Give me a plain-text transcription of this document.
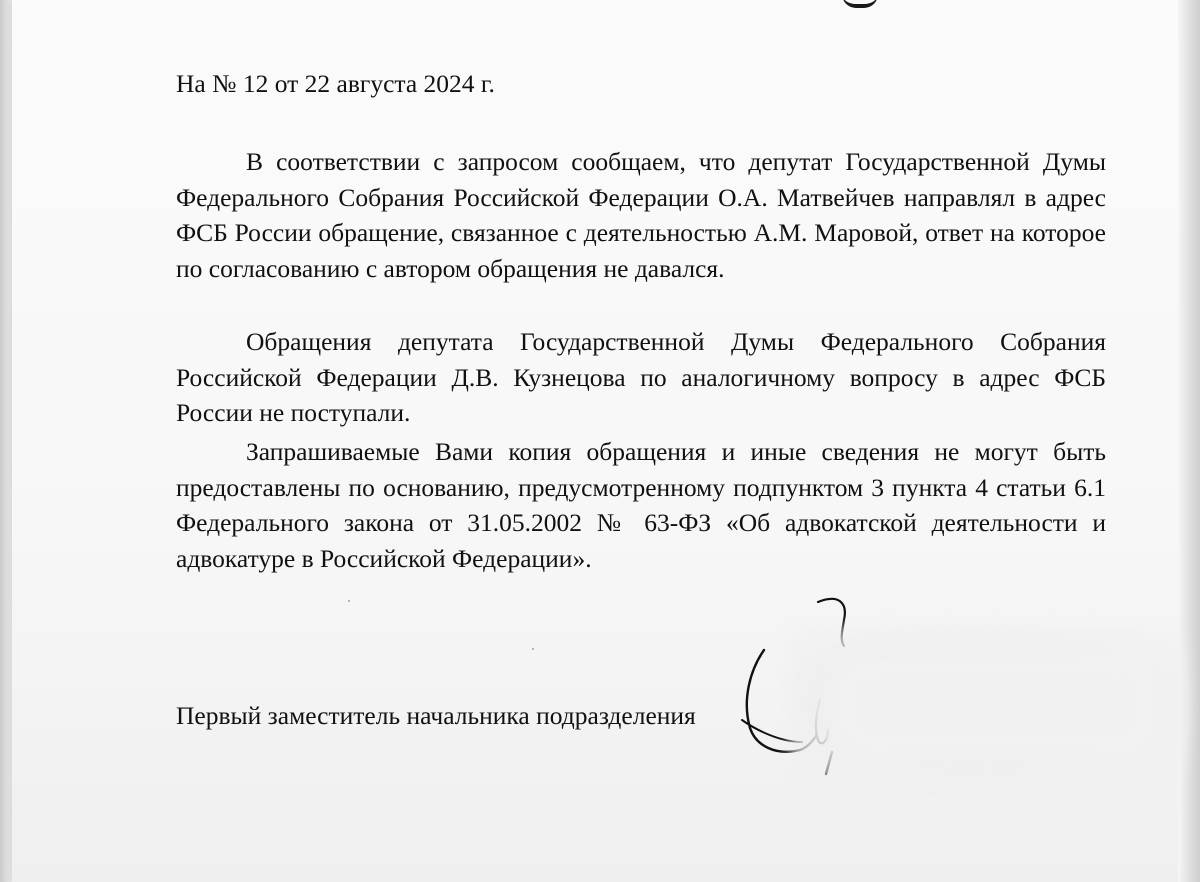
На № 12 от 22 августа 2024 г.

В соответствии с запросом сообщаем, что депутат Государственной Думы Федерального Собрания Российской Федерации О.А. Матвейчев направлял в адрес ФСБ России обращение, связанное с деятельностью А.М. Маровой, ответ на которое по согласованию с автором обращения не давался.

Обращения депутата Государственной Думы Федерального Собрания Российской Федерации Д.В. Кузнецова по аналогичному вопросу в адрес ФСБ России не поступали.

Запрашиваемые Вами копия обращения и иные сведения не могут быть предоставлены по основанию, предусмотренному подпунктом 3 пункта 4 статьи 6.1 Федерального закона от 31.05.2002 № 63-ФЗ «Об адвокатской деятельности и адвокатуре в Российской Федерации».

Первый заместитель начальника подразделения
